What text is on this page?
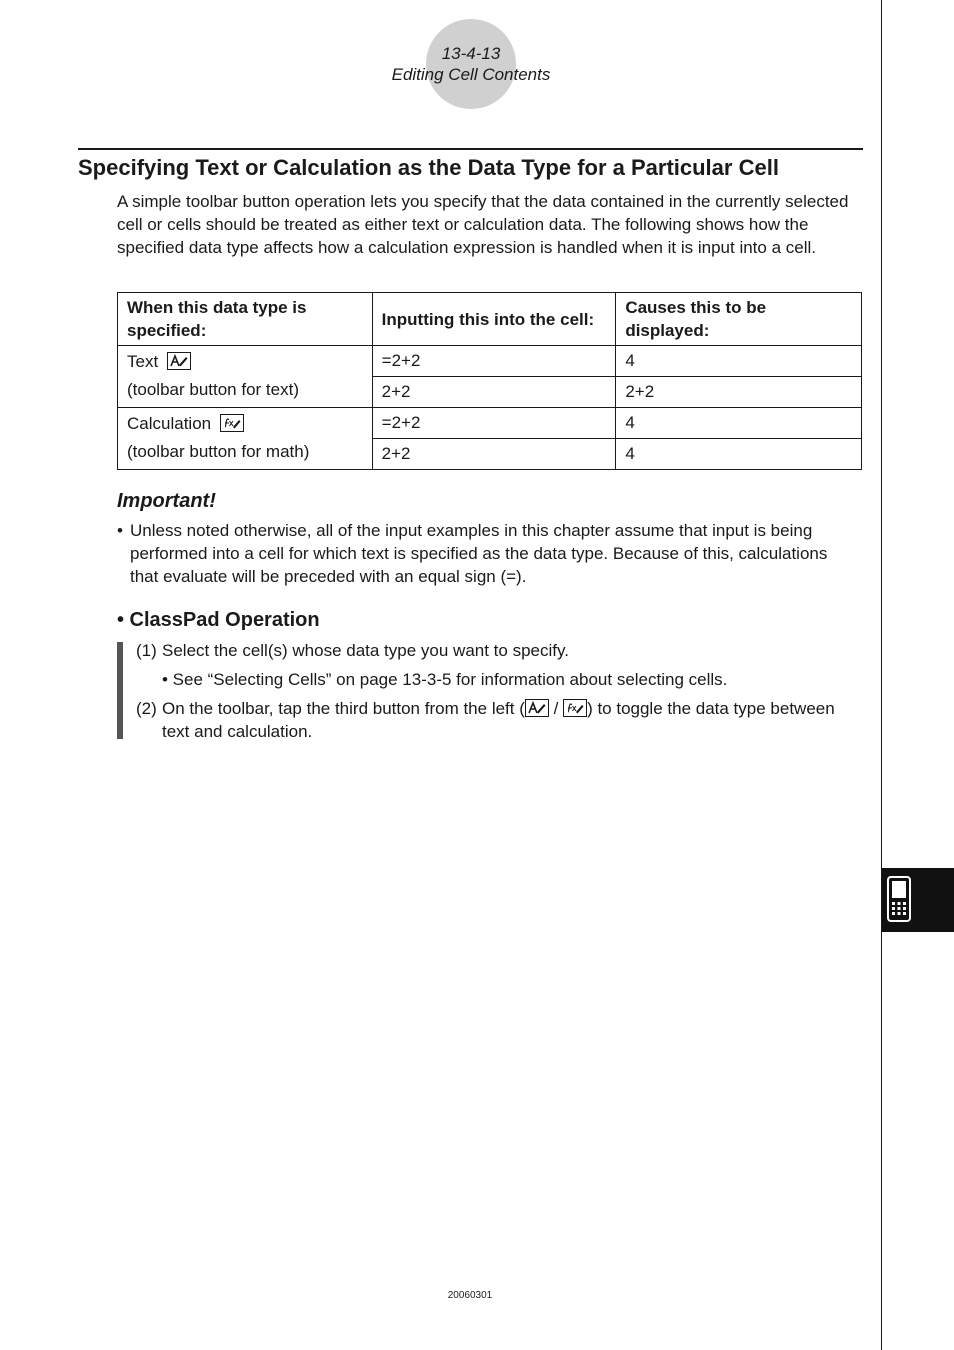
13-4-13
Editing Cell Contents
Specifying Text or Calculation as the Data Type for a Particular Cell

A simple toolbar button operation lets you specify that the data contained in the currently selected cell or cells should be treated as either text or calculation data. The following shows how the specified data type affects how a calculation expression is handled when it is input into a cell.

When this data type is specified:	Inputting this into the cell:	Causes this to be displayed:
Text
(toolbar button for text)	=2+2	4
	2+2	2+2
Calculation
(toolbar button for math)	=2+2	4
	2+2	4
Important!
• Unless noted otherwise, all of the input examples in this chapter assume that input is being performed into a cell for which text is specified as the data type. Because of this, calculations that evaluate will be preceded with an equal sign (=).
• ClassPad Operation
(1) Select the cell(s) whose data type you want to specify.
• See “Selecting Cells” on page 13-3-5 for information about selecting cells.
(2) On the toolbar, tap the third button from the left (
/
) to toggle the data type between text and calculation.
20060301
